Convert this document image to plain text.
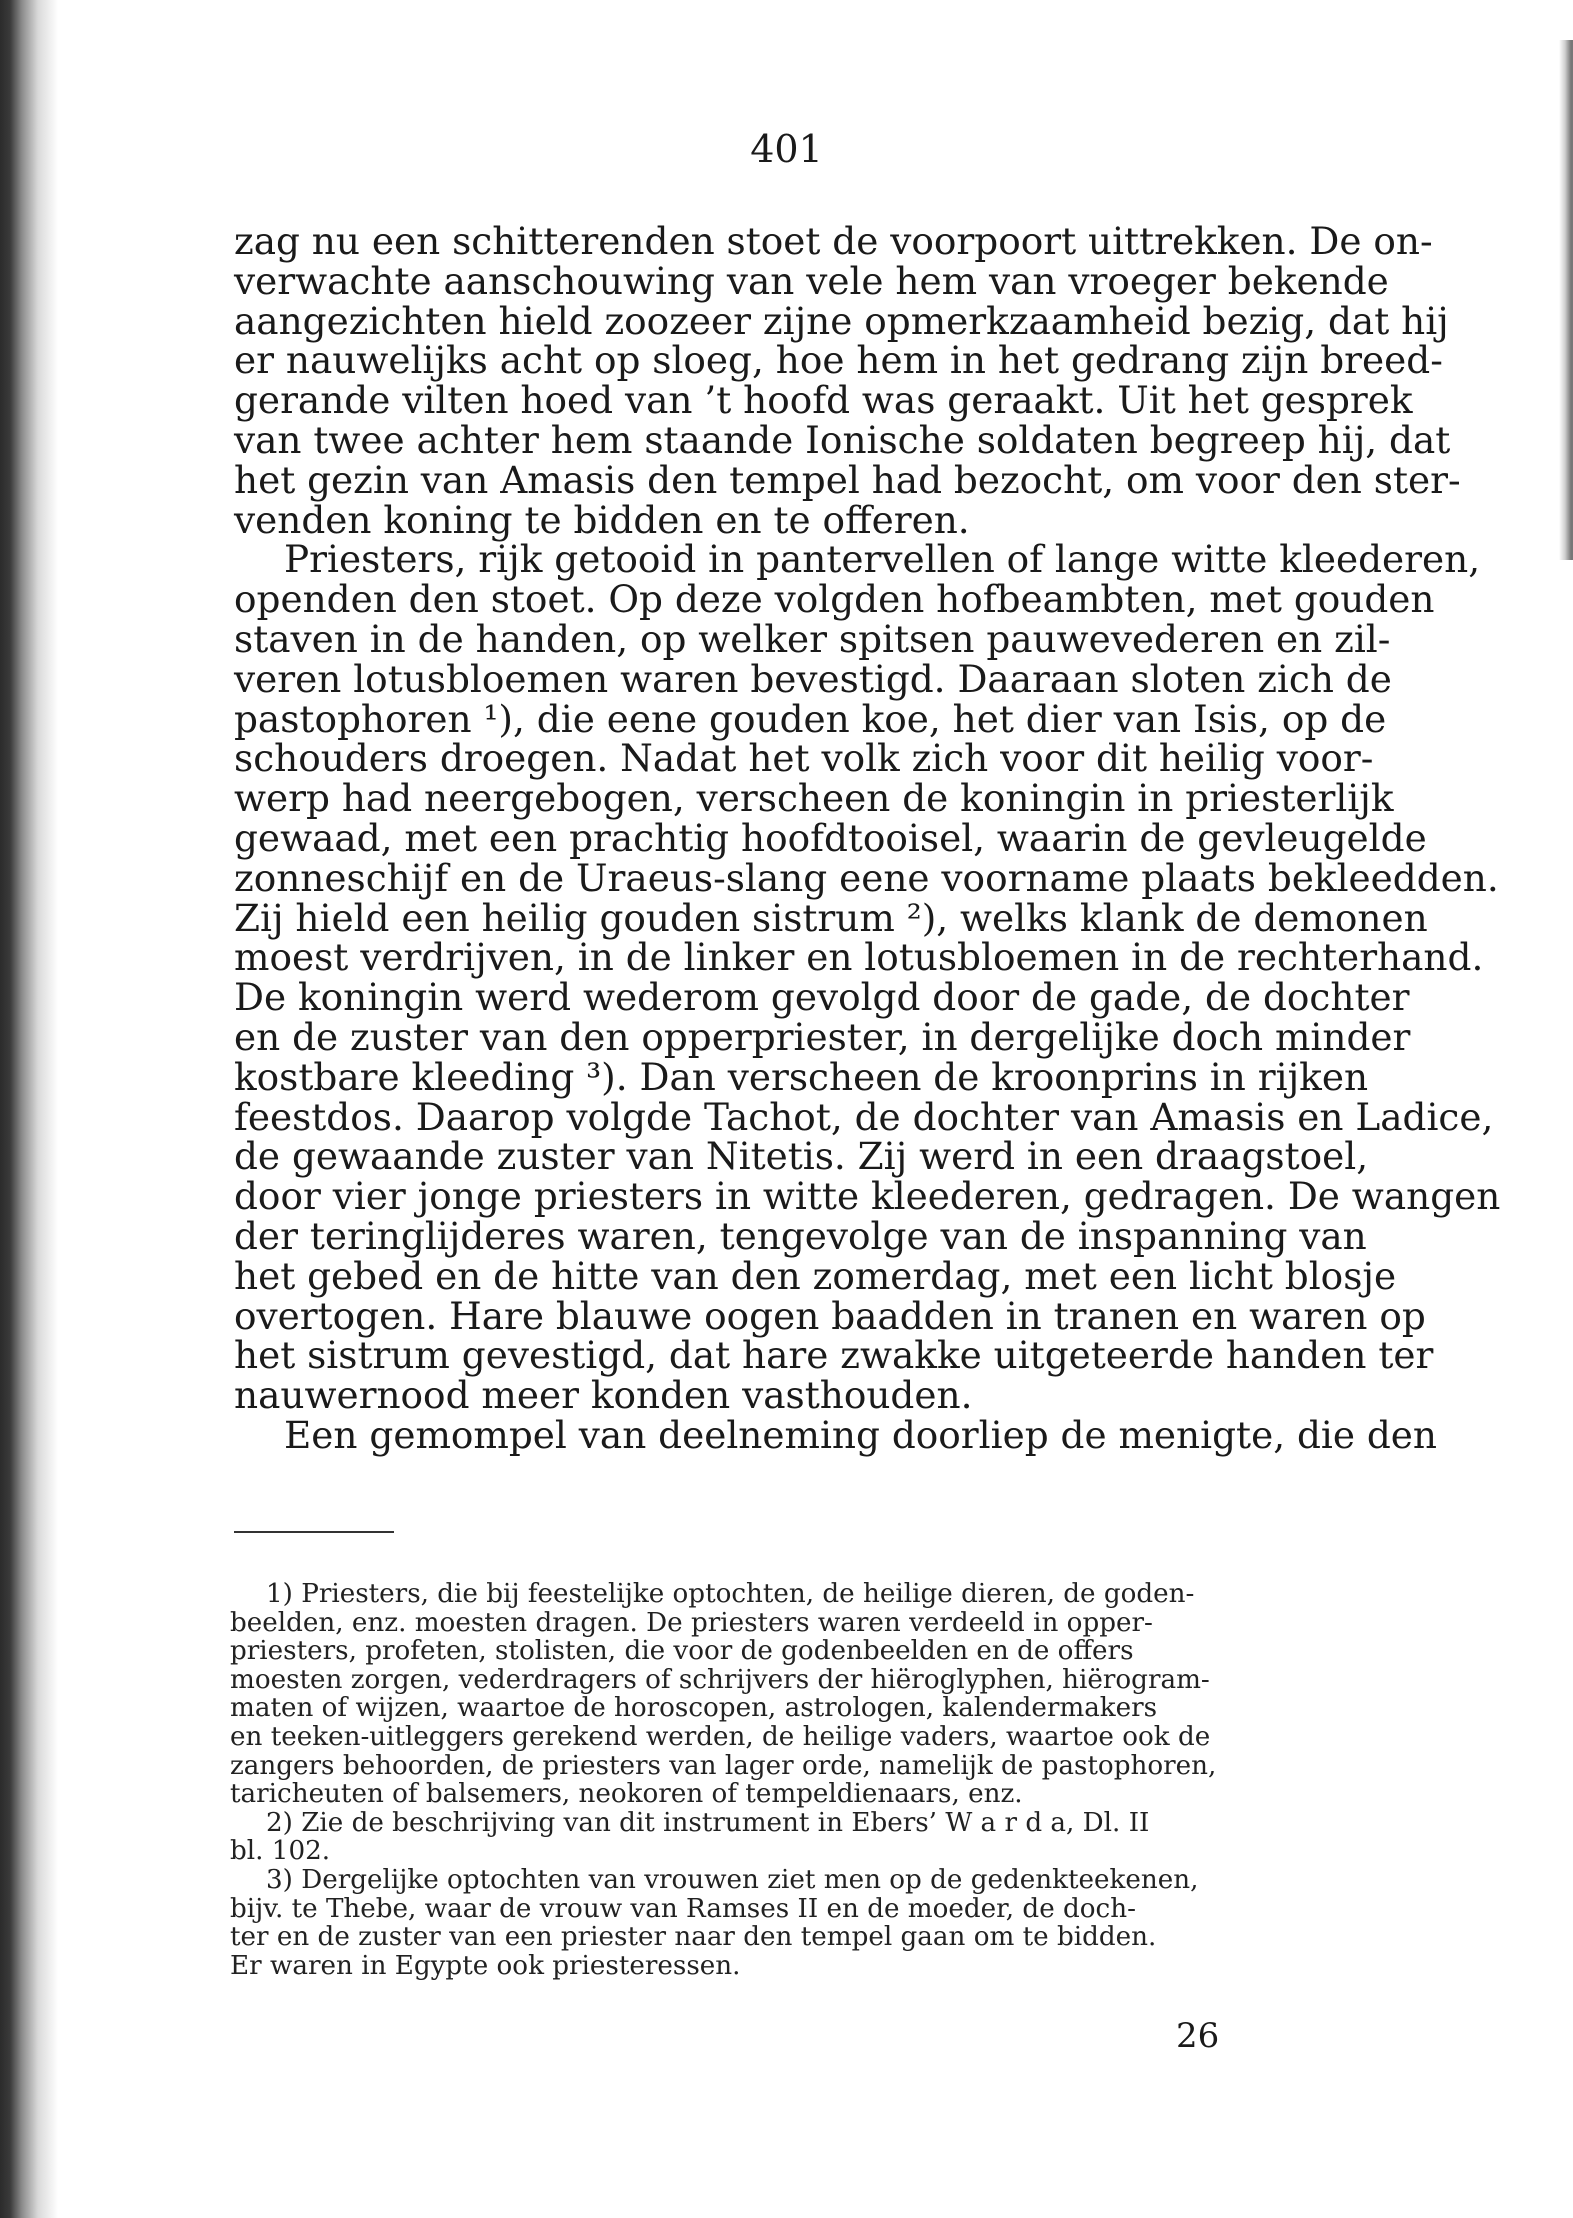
401
zag nu een schitterenden stoet de voorpoort uittrekken. De on-
verwachte aanschouwing van vele hem van vroeger bekende
aangezichten hield zoozeer zijne opmerkzaamheid bezig, dat hij
er nauwelijks acht op sloeg, hoe hem in het gedrang zijn breed-
gerande vilten hoed van ’t hoofd was geraakt. Uit het gesprek
van twee achter hem staande Ionische soldaten begreep hij, dat
het gezin van Amasis den tempel had bezocht, om voor den ster-
venden koning te bidden en te offeren.
Priesters, rijk getooid in pantervellen of lange witte kleederen,
openden den stoet. Op deze volgden hofbeambten, met gouden
staven in de handen, op welker spitsen pauwevederen en zil-
veren lotusbloemen waren bevestigd. Daaraan sloten zich de
pastophoren ¹), die eene gouden koe, het dier van Isis, op de
schouders droegen. Nadat het volk zich voor dit heilig voor-
werp had neergebogen, verscheen de koningin in priesterlijk
gewaad, met een prachtig hoofdtooisel, waarin de gevleugelde
zonneschijf en de Uraeus-slang eene voorname plaats bekleedden.
Zij hield een heilig gouden sistrum ²), welks klank de demonen
moest verdrijven, in de linker en lotusbloemen in de rechterhand.
De koningin werd wederom gevolgd door de gade, de dochter
en de zuster van den opperpriester, in dergelijke doch minder
kostbare kleeding ³). Dan verscheen de kroonprins in rijken
feestdos. Daarop volgde Tachot, de dochter van Amasis en Ladice,
de gewaande zuster van Nitetis. Zij werd in een draagstoel,
door vier jonge priesters in witte kleederen, gedragen. De wangen
der teringlijderes waren, tengevolge van de inspanning van
het gebed en de hitte van den zomerdag, met een licht blosje
overtogen. Hare blauwe oogen baadden in tranen en waren op
het sistrum gevestigd, dat hare zwakke uitgeteerde handen ter
nauwernood meer konden vasthouden.
Een gemompel van deelneming doorliep de menigte, die den
1) Priesters, die bij feestelijke optochten, de heilige dieren, de goden-
beelden, enz. moesten dragen. De priesters waren verdeeld in opper-
priesters, profeten, stolisten, die voor de godenbeelden en de offers
moesten zorgen, vederdragers of schrijvers der hiëroglyphen, hiërogram-
maten of wijzen, waartoe de horoscopen, astrologen, kalendermakers
en teeken-uitleggers gerekend werden, de heilige vaders, waartoe ook de
zangers behoorden, de priesters van lager orde, namelijk de pastophoren,
taricheuten of balsemers, neokoren of tempeldienaars, enz.
2) Zie de beschrijving van dit instrument in Ebers’ W a r d a, Dl. II
bl. 102.
3) Dergelijke optochten van vrouwen ziet men op de gedenkteekenen,
bijv. te Thebe, waar de vrouw van Ramses II en de moeder, de doch-
ter en de zuster van een priester naar den tempel gaan om te bidden.
Er waren in Egypte ook priesteressen.
26
